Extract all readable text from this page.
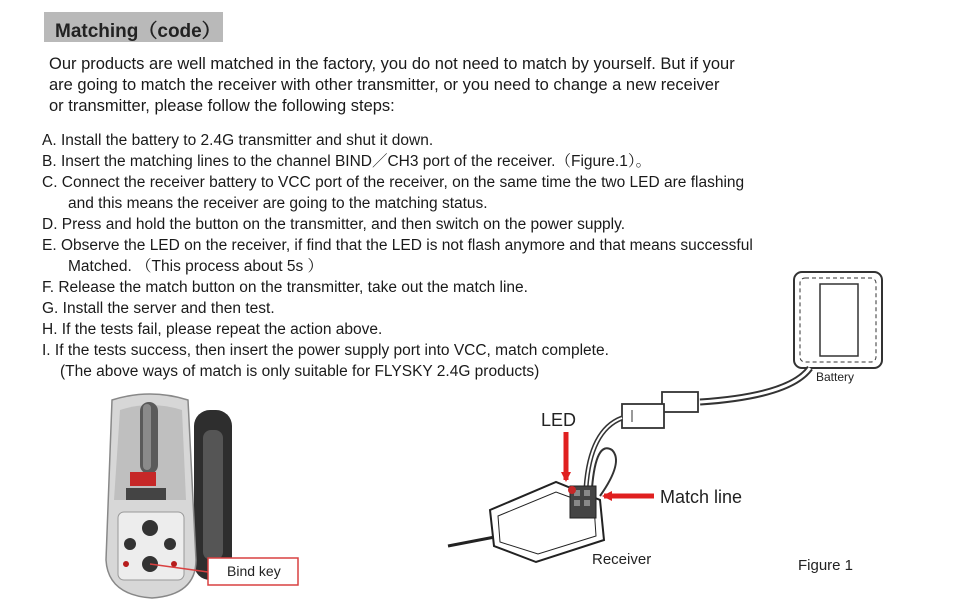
Matching（code）

Our products are well matched in the factory, you do not need to match by yourself. But if your
are going to match the receiver with other transmitter, or you need to change a new receiver
or transmitter, please follow the following steps:

A. Install the battery to 2.4G transmitter and shut it down.
B. Insert the matching lines to the channel BIND／CH3 port of the receiver.（Figure.1）。
C. Connect the receiver battery to VCC port of the receiver, on the same time the two LED are flashing
and this means the receiver are going to the matching status.
D. Press and hold the button on the transmitter, and then switch on the power supply.
E. Observe the LED on the receiver, if find that the LED is not flash anymore and that means successful
Matched. （This process about 5s ）
F. Release the match button on the transmitter, take out the match line.
G. Install the server and then test.
H. If the tests fail, please repeat the action above.
I. If the tests success, then insert the power supply port into VCC, match complete.
(The above ways of match is only suitable for FLYSKY 2.4G products)	Battery
LED
Match line
Receiver
Bind key	Figure 1
